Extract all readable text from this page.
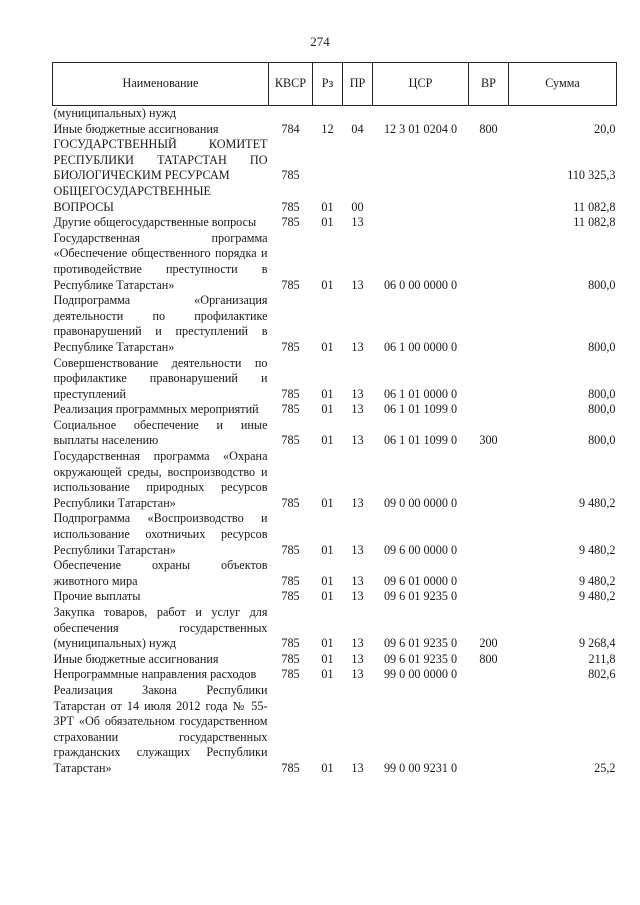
274
Наименование	КВСР	Рз	ПР	ЦСР	ВР	Сумма
(муниципальных) нужд						
Иные бюджетные ассигнования	784	12	04	12 3 01 0204 0	800	20,0
ГОСУДАРСТВЕННЫЙ КОМИТЕТ РЕСПУБЛИКИ ТАТАРСТАН ПО БИОЛОГИЧЕСКИМ РЕСУРСАМ	785					110 325,3
ОБЩЕГОСУДАРСТВЕННЫЕ ВОПРОСЫ	785	01	00			11 082,8
Другие общегосударственные вопросы	785	01	13			11 082,8
Государственная программа «Обеспечение общественного порядка и противодействие преступности в Республике Татарстан»	785	01	13	06 0 00 0000 0		800,0
Подпрограмма «Организация деятельности по профилактике правонарушений и преступлений в Республике Татарстан»	785	01	13	06 1 00 0000 0		800,0
Совершенствование деятельности по профилактике правонарушений и преступлений	785	01	13	06 1 01 0000 0		800,0
Реализация программных мероприятий	785	01	13	06 1 01 1099 0		800,0
Социальное обеспечение и иные выплаты населению	785	01	13	06 1 01 1099 0	300	800,0
Государственная программа «Охрана окружающей среды, воспроизводство и использование природных ресурсов Республики Татарстан»	785	01	13	09 0 00 0000 0		9 480,2
Подпрограмма «Воспроизводство и использование охотничьих ресурсов Республики Татарстан»	785	01	13	09 6 00 0000 0		9 480,2
Обеспечение охраны объектов животного мира	785	01	13	09 6 01 0000 0		9 480,2
Прочие выплаты	785	01	13	09 6 01 9235 0		9 480,2
Закупка товаров, работ и услуг для обеспечения государственных (муниципальных) нужд	785	01	13	09 6 01 9235 0	200	9 268,4
Иные бюджетные ассигнования	785	01	13	09 6 01 9235 0	800	211,8
Непрограммные направления расходов	785	01	13	99 0 00 0000 0		802,6
Реализация Закона Республики Татарстан от 14 июля 2012 года № 55-ЗРТ «Об обязательном государственном страховании государственных гражданских служащих Республики Татарстан»	785	01	13	99 0 00 9231 0		25,2
